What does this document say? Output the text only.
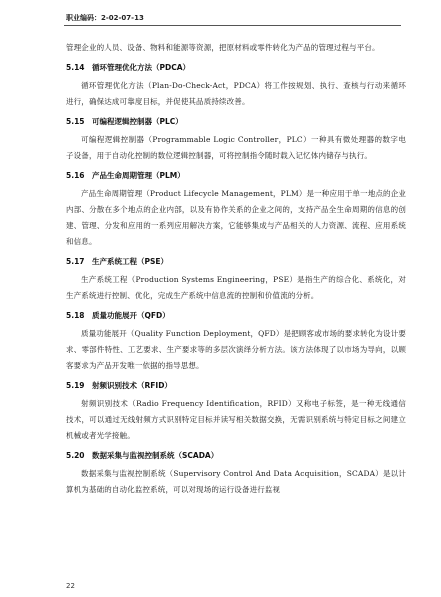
职业编码：2-02-07-13

管理企业的人员、设备、物料和能源等资源，把原材料或零件转化为产品的管理过程与平台。

5.14 循环管理优化方法（PDCA）

循环管理优化方法（Plan-Do-Check-Act，PDCA）将工作按规划、执行、查核与行动来循环进行，确保达成可靠度目标，并促使其品质持续改善。

5.15 可编程逻辑控制器（PLC）

可编程逻辑控制器（Programmable Logic Controller，PLC）一种具有微处理器的数字电子设备，用于自动化控制的数位逻辑控制器，可将控制指令随时载入记忆体内储存与执行。

5.16 产品生命周期管理（PLM）

产品生命周期管理（Product Lifecycle Management，PLM）是一种应用于单一地点的企业内部、分散在多个地点的企业内部，以及有协作关系的企业之间的，支持产品全生命周期的信息的创建、管理、分发和应用的一系列应用解决方案，它能够集成与产品相关的人力资源、流程、应用系统和信息。

5.17 生产系统工程（PSE）

生产系统工程（Production Systems Engineering，PSE）是指生产的综合化、系统化，对生产系统进行控制、优化，完成生产系统中信息流的控制和价值流的分析。

5.18 质量功能展开（QFD）

质量功能展开（Quality Function Deployment，QFD）是把顾客或市场的要求转化为设计要求、零部件特性、工艺要求、生产要求等的多层次演绎分析方法。该方法体现了以市场为导向，以顾客要求为产品开发唯一依据的指导思想。

5.19 射频识别技术（RFID）

射频识别技术（Radio Frequency Identification，RFID）又称电子标签，是一种无线通信技术，可以通过无线射频方式识别特定目标并读写相关数据交换，无需识别系统与特定目标之间建立机械或者光学接触。

5.20 数据采集与监视控制系统（SCADA）

数据采集与监视控制系统（Supervisory Control And Data Acquisition，SCADA）是以计算机为基础的自动化监控系统，可以对现场的运行设备进行监视

22
